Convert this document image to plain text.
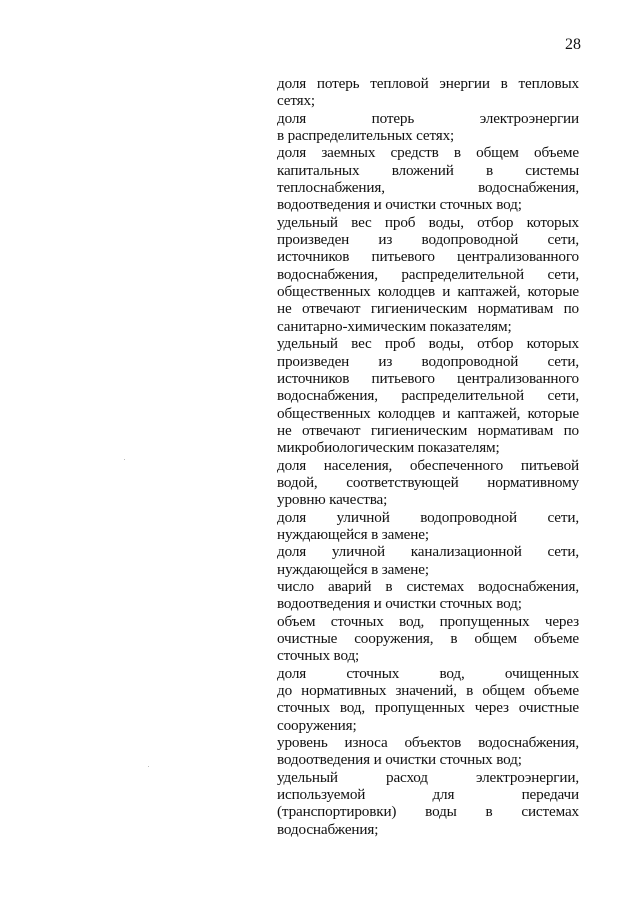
28
доля потерь тепловой энергии в тепловых
сетях;
доля потерь электроэнергии
в распределительных сетях;
доля заемных средств в общем объеме
капитальных вложений в системы
теплоснабжения, водоснабжения,
водоотведения и очистки сточных вод;
удельный вес проб воды, отбор которых
произведен из водопроводной сети,
источников питьевого централизованного
водоснабжения, распределительной сети,
общественных колодцев и каптажей, которые
не отвечают гигиеническим нормативам по
санитарно-химическим показателям;
удельный вес проб воды, отбор которых
произведен из водопроводной сети,
источников питьевого централизованного
водоснабжения, распределительной сети,
общественных колодцев и каптажей, которые
не отвечают гигиеническим нормативам по
микробиологическим показателям;
доля населения, обеспеченного питьевой
водой, соответствующей нормативному
уровню качества;
доля уличной водопроводной сети,
нуждающейся в замене;
доля уличной канализационной сети,
нуждающейся в замене;
число аварий в системах водоснабжения,
водоотведения и очистки сточных вод;
объем сточных вод, пропущенных через
очистные сооружения, в общем объеме
сточных вод;
доля сточных вод, очищенных
до нормативных значений, в общем объеме
сточных вод, пропущенных через очистные
сооружения;
уровень износа объектов водоснабжения,
водоотведения и очистки сточных вод;
удельный расход электроэнергии,
используемой для передачи
(транспортировки) воды в системах
водоснабжения;
